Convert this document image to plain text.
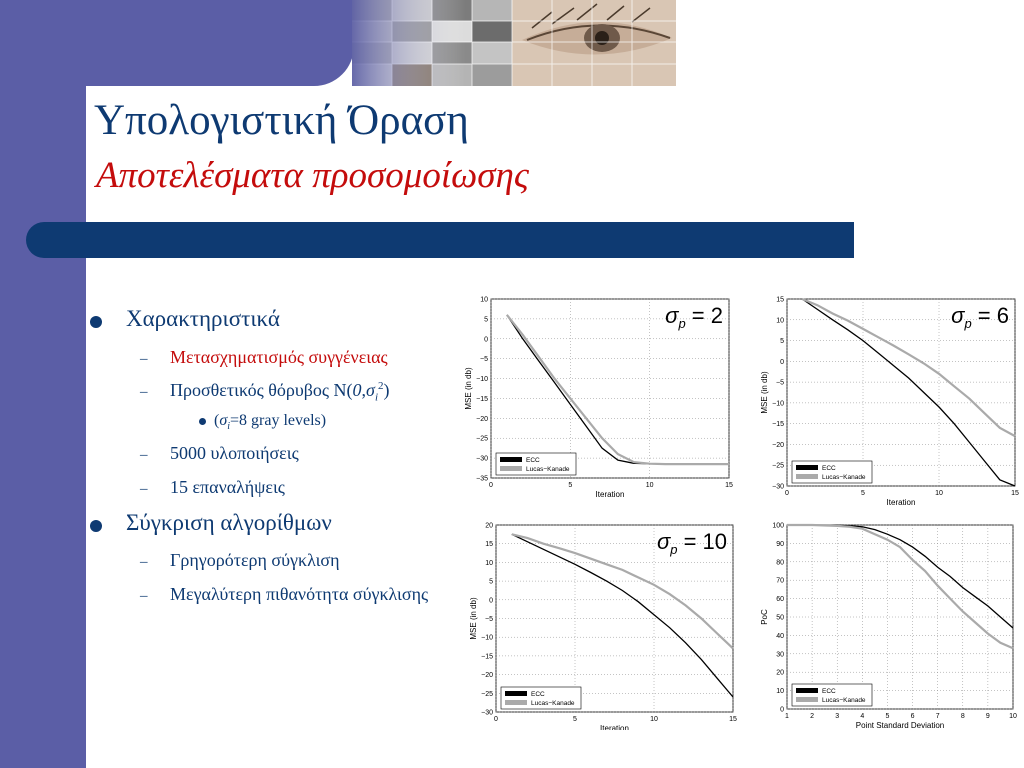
Υπολογιστική Όραση
Αποτελέσματα προσομοίωσης
Χαρακτηριστικά
– Μετασχηματισμός συγγένειας
– Προσθετικός θόρυβος $N(0,\sigma_i^2)$
($\sigma_i=8$ gray levels)
– 5000 υλοποιήσεις
– 15 επαναλήψεις
Σύγκριση αλγορίθμων
– Γρηγορότερη σύγκλιση
– Μεγαλύτερη πιθανότητα σύγκλισης
0	5	10	15
10
5
0
−5
−10
−15
−20
−25
−30
−35
Iteration
MSE (in db)
ECC
Lucas−Kanade
$\sigma_p = 2$
0	5	10	15
15
10
5
0
−5
−10
−15
−20
−25
−30
Iteration
MSE (in db)
ECC
Lucas−Kanade
$\sigma_p = 6$
0	5	10	15
20
15
10
5
0
−5
−10
−15
−20
−25
−30
Iteration
MSE (in db)
ECC
Lucas−Kanade
$\sigma_p = 10$
1	2	3	4	5	6	7	8	9	10
100
90
80
70
60
50
40
30
20
10
0
Point Standard Deviation
PoC
ECC
Lucas−Kanade
